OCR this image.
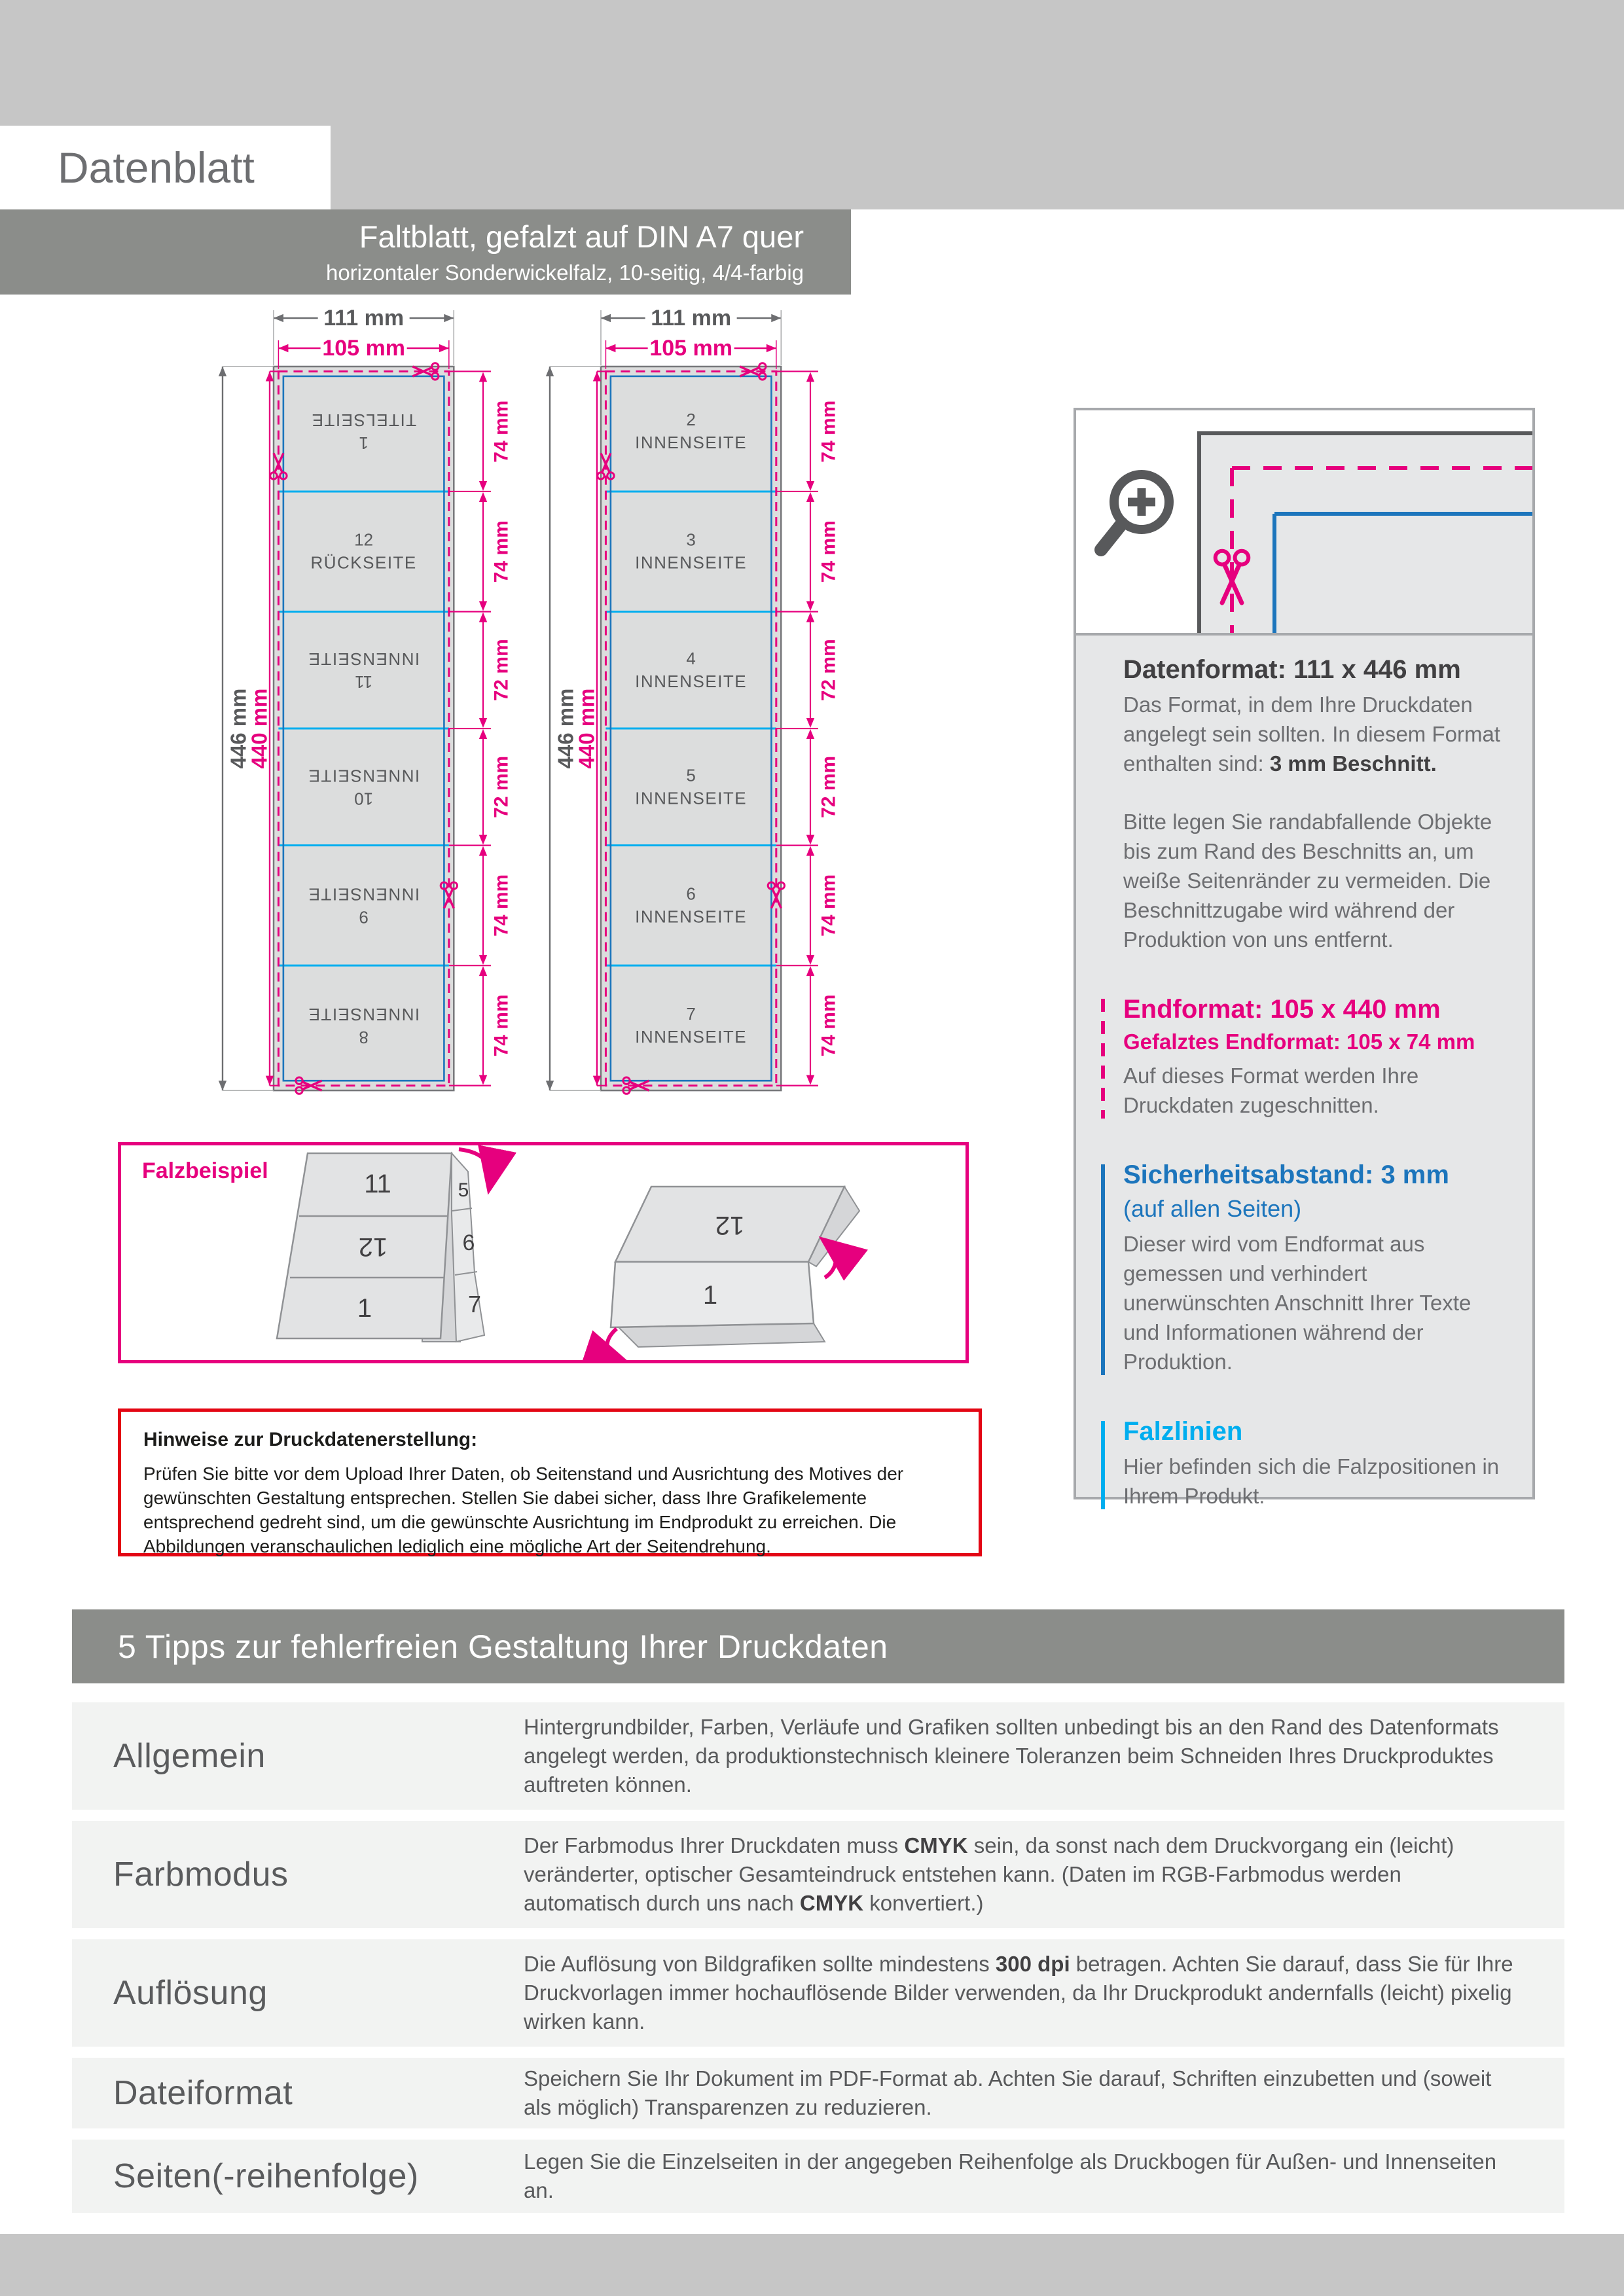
Datenblatt
Faltblatt, gefalzt auf DIN A7 quer
horizontaler Sonderwickelfalz, 10-seitig, 4/4-farbig
1TITELSEITE
12 RÜCKSEITE
11INNENSEITE
10INNENSEITE
9INNENSEITE
8INNENSEITE
111 mm
105 mm
446 mm
440 mm
74 mm
74 mm
72 mm
72 mm
74 mm
74 mm
2 INNENSEITE
3 INNENSEITE
4 INNENSEITE
5 INNENSEITE
6 INNENSEITE
7 INNENSEITE
111 mm
105 mm
446 mm
440 mm
74 mm
74 mm
72 mm
72 mm
74 mm
74 mm
Datenformat: 111 x 446 mm
Das Format, in dem Ihre Druckdaten angelegt sein sollten. In diesem Format enthalten sind: 3 mm Beschnitt.
Bitte legen Sie randabfallende Objekte bis zum Rand des Beschnitts an, um weiße Seitenränder zu vermeiden. Die Beschnittzugabe wird während der Produktion von uns entfernt.
Endformat: 105 x 440 mm
Gefalztes Endformat: 105 x 74 mm
Auf dieses Format werden Ihre Druckdaten zugeschnitten.
Sicherheitsabstand: 3 mm
(auf allen Seiten)
Dieser wird vom Endformat aus gemessen und verhindert unerwünschten Anschnitt Ihrer Texte und Informationen während der Produktion.
Falzlinien
Hier befinden sich die Falzpositionen in Ihrem Produkt.
11
12
1
5
6
7
12
1
Falzbeispiel
Hinweise zur Druckdatenerstellung:
Prüfen Sie bitte vor dem Upload Ihrer Daten, ob Seitenstand und Ausrichtung des Motives der gewünschten Gestaltung entsprechen. Stellen Sie dabei sicher, dass Ihre Grafikelemente entsprechend gedreht sind, um die gewünschte Ausrichtung im Endprodukt zu erreichen. Die Abbildungen veranschaulichen lediglich eine mögliche Art der Seitendrehung.
5 Tipps zur fehlerfreien Gestaltung Ihrer Druckdaten
Allgemein
Hintergrundbilder, Farben, Verläufe und Grafiken sollten unbedingt bis an den Rand des Datenformats angelegt werden, da produktionstechnisch kleinere Toleranzen beim Schneiden Ihres Druckproduktes auftreten können.
Farbmodus
Der Farbmodus Ihrer Druckdaten muss CMYK sein, da sonst nach dem Druckvorgang ein (leicht) veränderter, optischer Gesamteindruck entstehen kann. (Daten im RGB-Farbmodus werden automatisch durch uns nach CMYK konvertiert.)
Auflösung
Die Auflösung von Bildgrafiken sollte mindestens 300 dpi betragen. Achten Sie darauf, dass Sie für Ihre Druckvorlagen immer hochauflösende Bilder verwenden, da Ihr Druckprodukt andernfalls (leicht) pixelig wirken kann.
Dateiformat	Speichern Sie Ihr Dokument im PDF-Format ab. Achten Sie darauf, Schriften einzubetten und (soweit als möglich) Transparenzen zu reduzieren.
Seiten(-reihenfolge)	Legen Sie die Einzelseiten in der angegeben Reihenfolge als Druckbogen für Außen- und Innenseiten an.
